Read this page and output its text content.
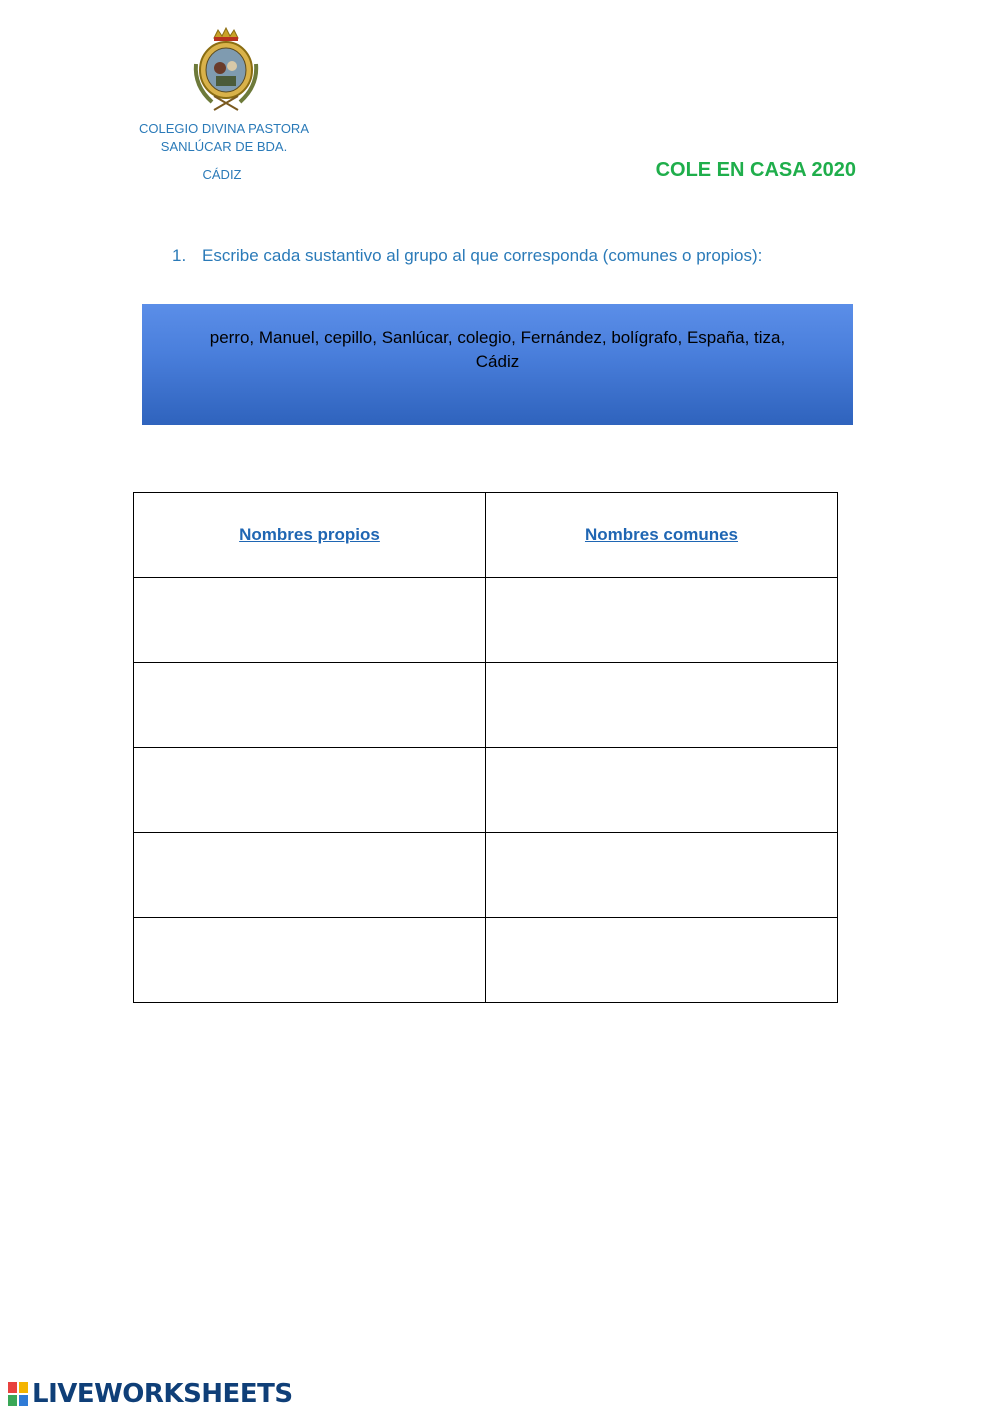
COLEGIO DIVINA PASTORA
SANLÚCAR DE BDA.
CÁDIZ	COLE EN CASA 2020
1. Escribe cada sustantivo al grupo al que corresponda (comunes o propios):
perro, Manuel, cepillo, Sanlúcar, colegio, Fernández, bolígrafo, España, tiza,
Cádiz
Nombres propios	Nombres comunes

LIVEWORKSHEETS
